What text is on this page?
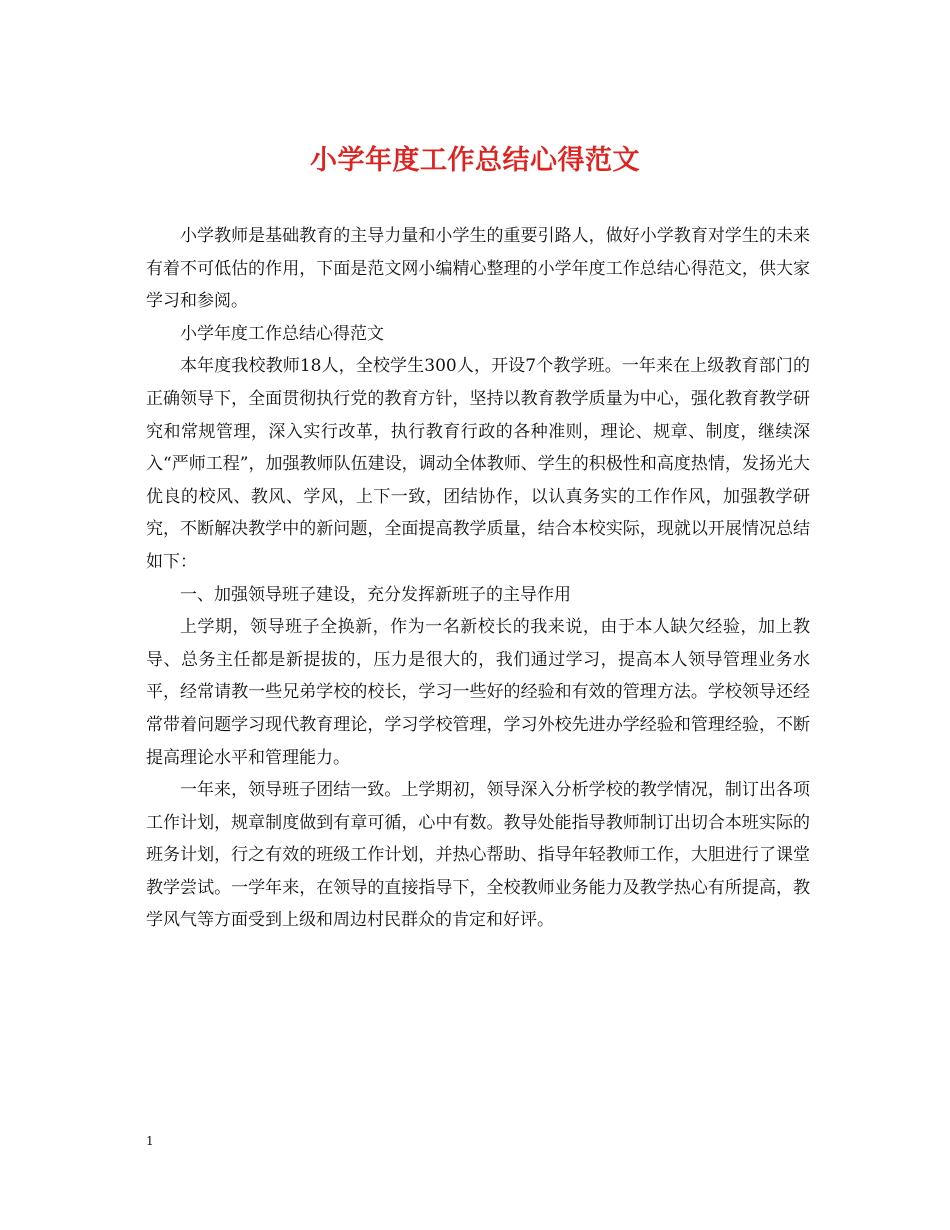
小学年度工作总结心得范文

小学教师是基础教育的主导力量和小学生的重要引路人，做好小学教育对学生的未来有着不可低估的作用，下面是范文网小编精心整理的小学年度工作总结心得范文，供大家学习和参阅。

小学年度工作总结心得范文

本年度我校教师18人，全校学生300人，开设7个教学班。一年来在上级教育部门的正确领导下，全面贯彻执行党的教育方针，坚持以教育教学质量为中心，强化教育教学研究和常规管理，深入实行改革，执行教育行政的各种准则，理论、规章、制度，继续深入“严师工程”，加强教师队伍建设，调动全体教师、学生的积极性和高度热情，发扬光大优良的校风、教风、学风，上下一致，团结协作，以认真务实的工作作风，加强教学研究，不断解决教学中的新问题，全面提高教学质量，结合本校实际，现就以开展情况总结如下：

一、加强领导班子建设，充分发挥新班子的主导作用

上学期，领导班子全换新，作为一名新校长的我来说，由于本人缺欠经验，加上教导、总务主任都是新提拔的，压力是很大的，我们通过学习，提高本人领导管理业务水平，经常请教一些兄弟学校的校长，学习一些好的经验和有效的管理方法。学校领导还经常带着问题学习现代教育理论，学习学校管理，学习外校先进办学经验和管理经验，不断提高理论水平和管理能力。

一年来，领导班子团结一致。上学期初，领导深入分析学校的教学情况，制订出各项工作计划，规章制度做到有章可循，心中有数。教导处能指导教师制订出切合本班实际的班务计划，行之有效的班级工作计划，并热心帮助、指导年轻教师工作，大胆进行了课堂教学尝试。一学年来，在领导的直接指导下，全校教师业务能力及教学热心有所提高，教学风气等方面受到上级和周边村民群众的肯定和好评。

1
